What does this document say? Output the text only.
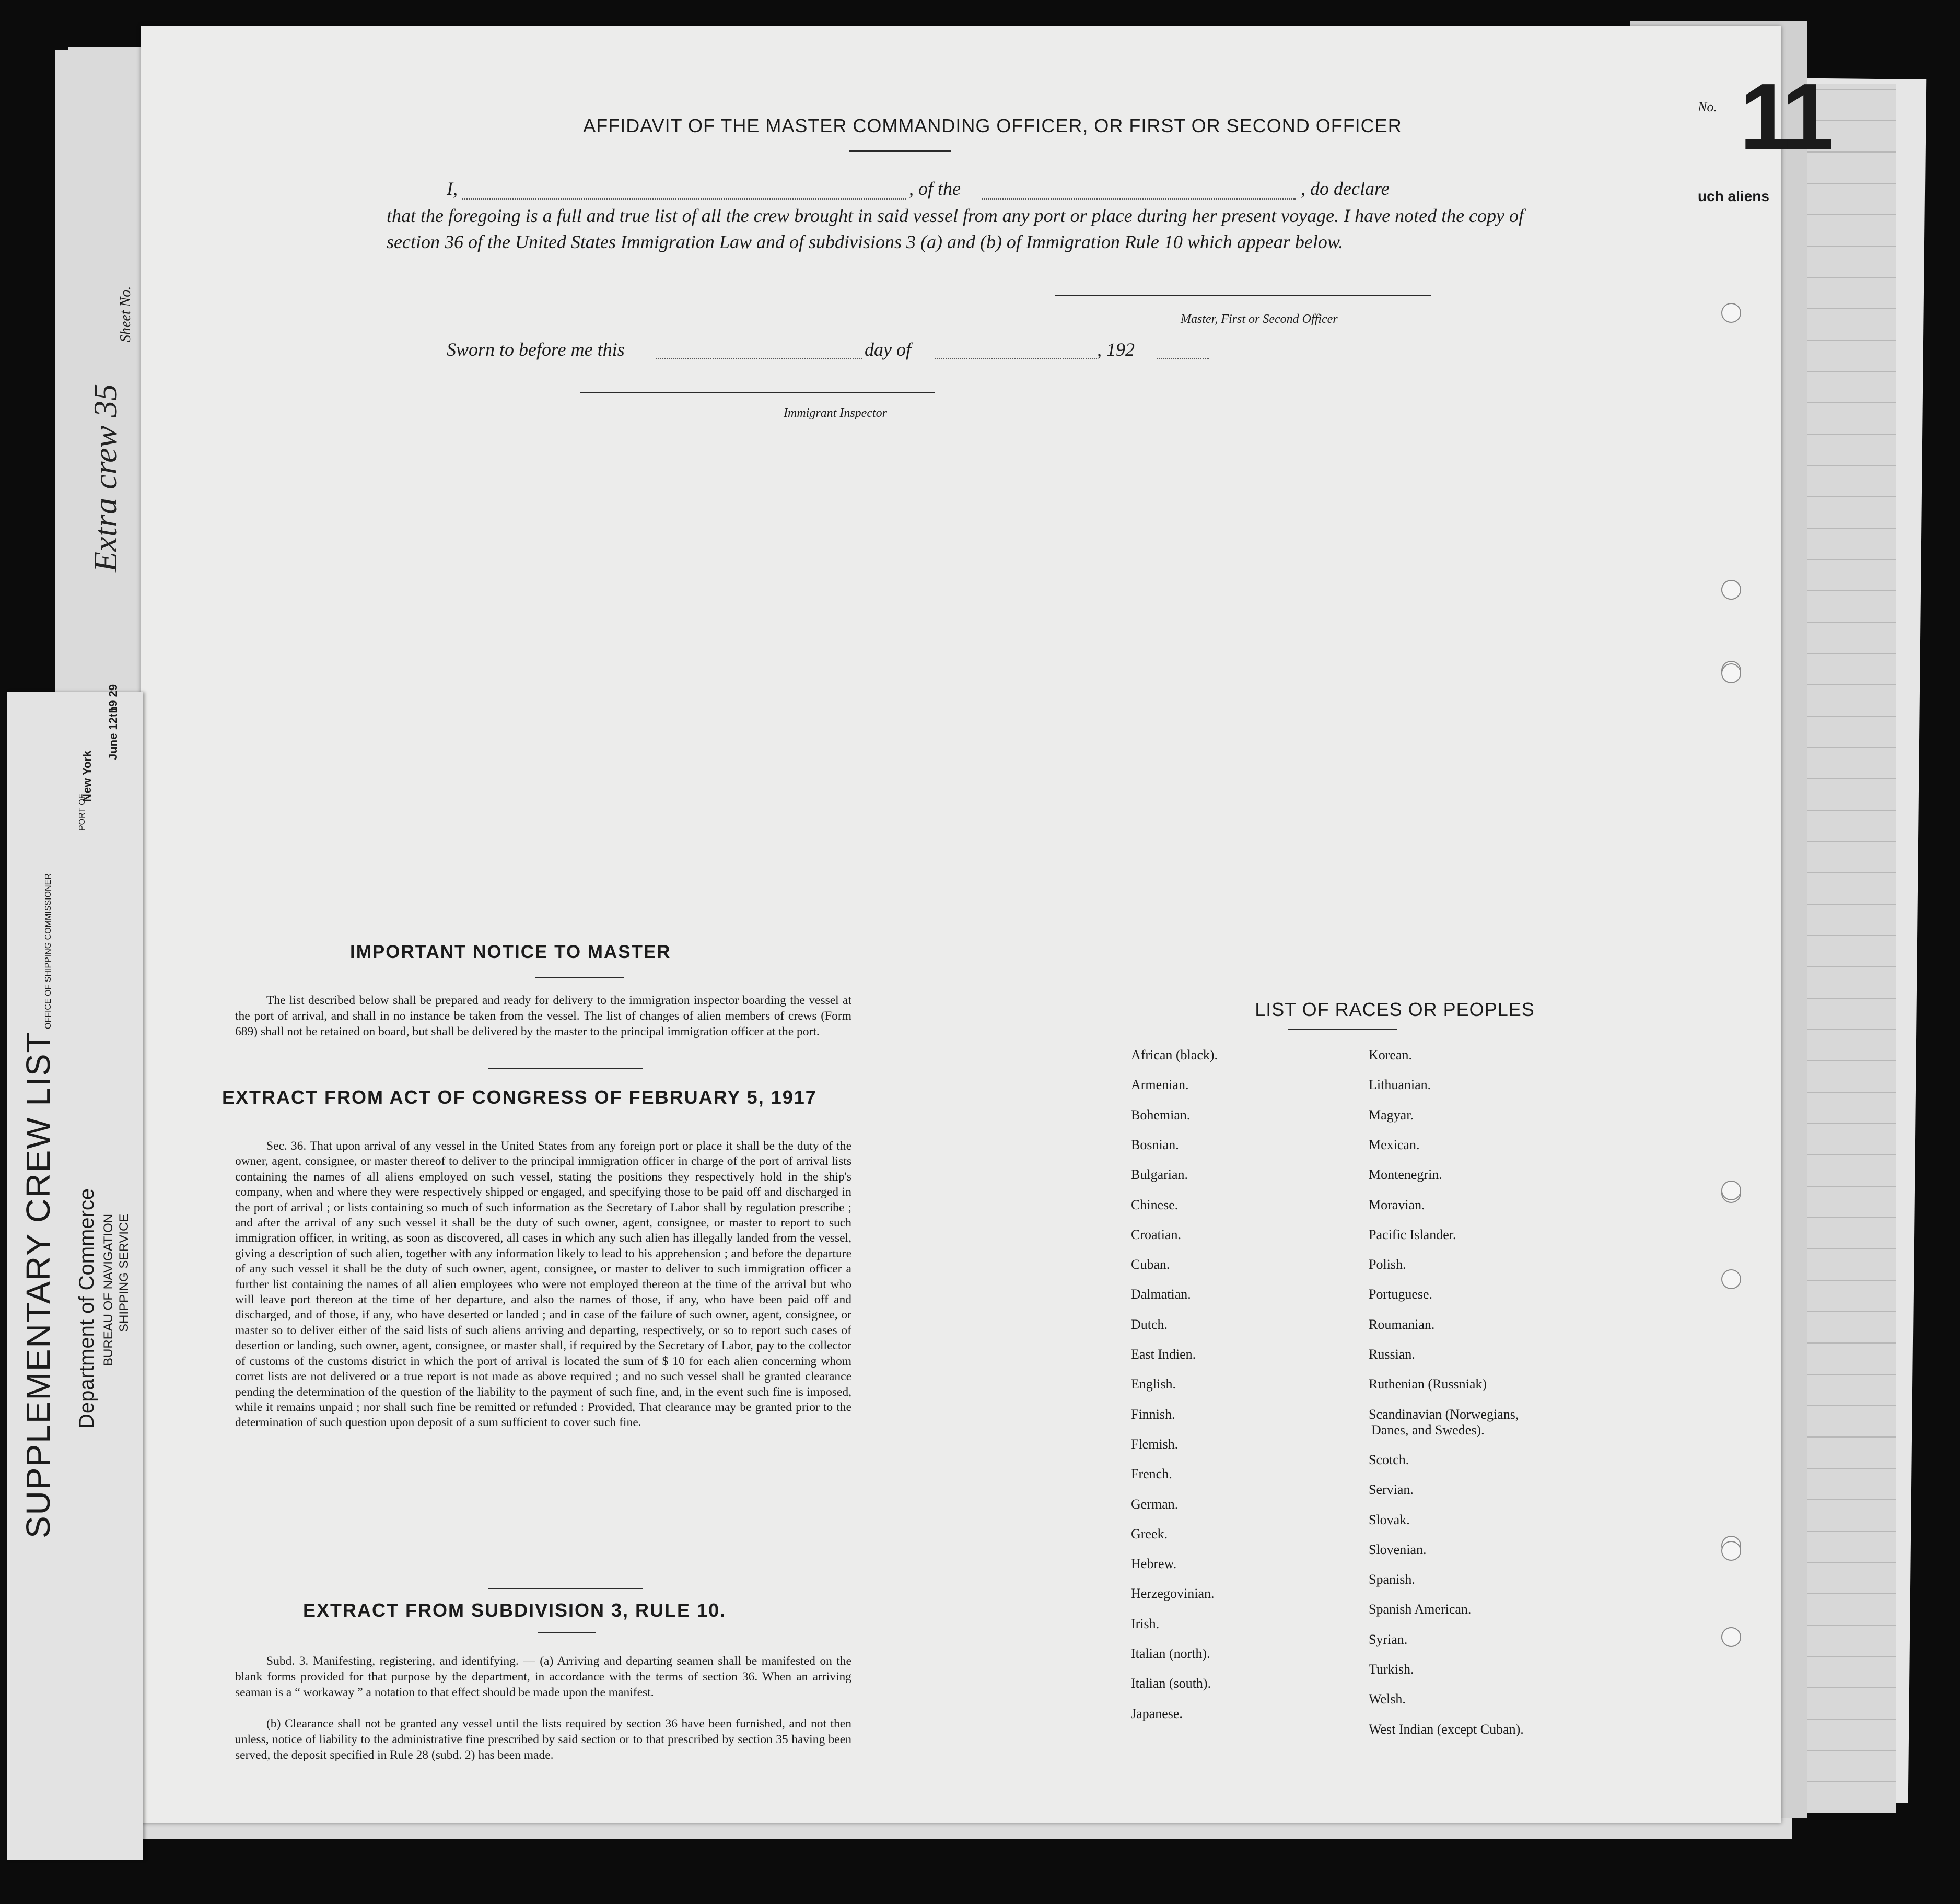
Sheet No.
Extra crew 35
AFFIDAVIT OF THE MASTER COMMANDING OFFICER, OR FIRST OR SECOND OFFICER
I,	, of the	, do declare
that the foregoing is a full and true list of all the crew brought in said vessel from any port or place during her present voyage. I have noted the copy of section 36 of the United States Immigration Law and of subdivisions 3 (a) and (b) of Immigration Rule 10 which appear below.
Master, First or Second Officer
Sworn to before me this	day of	, 192
Immigrant Inspector
IMPORTANT NOTICE TO MASTER
The list described below shall be prepared and ready for delivery to the immigration inspector boarding the vessel at the port of arrival, and shall in no instance be taken from the vessel. The list of changes of alien members of crews (Form 689) shall not be retained on board, but shall be delivered by the master to the principal immigration officer at the port.
EXTRACT FROM ACT OF CONGRESS OF FEBRUARY 5, 1917
Sec. 36. That upon arrival of any vessel in the United States from any foreign port or place it shall be the duty of the owner, agent, consignee, or master thereof to deliver to the principal immigration officer in charge of the port of arrival lists containing the names of all aliens employed on such vessel, stating the positions they respectively hold in the ship's company, when and where they were respectively shipped or engaged, and specifying those to be paid off and discharged in the port of arrival ; or lists containing so much of such information as the Secretary of Labor shall by regulation prescribe ; and after the arrival of any such vessel it shall be the duty of such owner, agent, consignee, or master to report to such immigration officer, in writing, as soon as discovered, all cases in which any such alien has illegally landed from the vessel, giving a description of such alien, together with any information likely to lead to his apprehension ; and before the departure of any such vessel it shall be the duty of such owner, agent, consignee, or master to deliver to such immigration officer a further list containing the names of all alien employees who were not employed thereon at the time of the arrival but who will leave port thereon at the time of her departure, and also the names of those, if any, who have been paid off and discharged, and of those, if any, who have deserted or landed ; and in case of the failure of such owner, agent, consignee, or master so to deliver either of the said lists of such aliens arriving and departing, respectively, or so to report such cases of desertion or landing, such owner, agent, consignee, or master shall, if required by the Secretary of Labor, pay to the collector of customs of the customs district in which the port of arrival is located the sum of $ 10 for each alien concerning whom corret lists are not delivered or a true report is not made as above required ; and no such vessel shall be granted clearance pending the determination of the question of the liability to the payment of such fine, and, in the event such fine is imposed, while it remains unpaid ; nor shall such fine be remitted or refunded : Provided, That clearance may be granted prior to the determination of such question upon deposit of a sum sufficient to cover such fine.
EXTRACT FROM SUBDIVISION 3, RULE 10.
Subd. 3. Manifesting, registering, and identifying. — (a) Arriving and departing seamen shall be manifested on the blank forms provided for that purpose by the department, in accordance with the terms of section 36. When an arriving seaman is a “ workaway ” a notation to that effect should be made upon the manifest.
(b) Clearance shall not be granted any vessel until the lists required by section 36 have been furnished, and not then unless, notice of liability to the administrative fine prescribed by said section or to that prescribed by section 35 having been served, the deposit specified in Rule 28 (subd. 2) has been made.
LIST OF RACES OR PEOPLES
African (black).
Armenian.
Bohemian.
Bosnian.
Bulgarian.
Chinese.
Croatian.
Cuban.
Dalmatian.
Dutch.
East Indien.
English.
Finnish.
Flemish.
French.
German.
Greek.
Hebrew.
Herzegovinian.
Irish.
Italian (north).
Italian (south).
Japanese.
Korean.
Lithuanian.
Magyar.
Mexican.
Montenegrin.
Moravian.
Pacific Islander.
Polish.
Portuguese.
Roumanian.
Russian.
Ruthenian (Russniak)
Scandinavian (Norwegians,
Danes, and Swedes).
Scotch.
Servian.
Slovak.
Slovenian.
Spanish.
Spanish American.
Syrian.
Turkish.
Welsh.
West Indian (except Cuban).
No. 11
uch aliens
SUPPLEMENTARY CREW LIST Department of Commerce BUREAU OF NAVIGATION SHIPPING SERVICE
OFFICE OF SHIPPING COMMISSIONER
PORT OF
New York
June 12th
19 29
